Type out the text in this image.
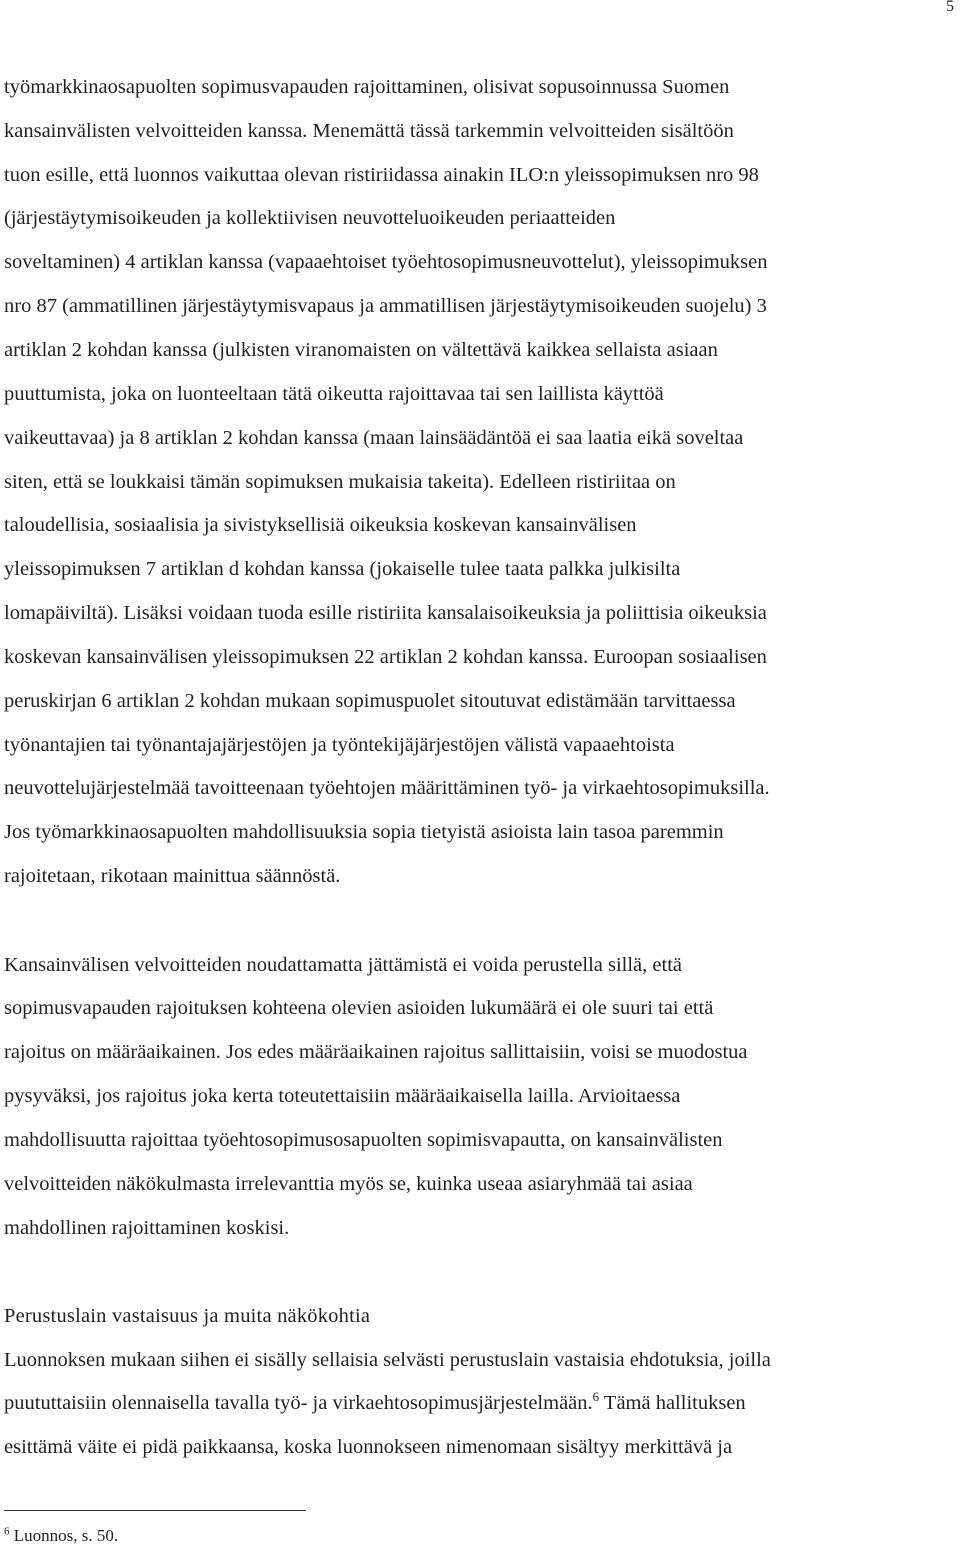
5
työmarkkinaosapuolten sopimusvapauden rajoittaminen, olisivat sopusoinnussa Suomen
kansainvälisten velvoitteiden kanssa. Menemättä tässä tarkemmin velvoitteiden sisältöön
tuon esille, että luonnos vaikuttaa olevan ristiriidassa ainakin ILO:n yleissopimuksen nro 98
(järjestäytymisoikeuden ja kollektiivisen neuvotteluoikeuden periaatteiden
soveltaminen) 4 artiklan kanssa (vapaaehtoiset työehtosopimusneuvottelut), yleissopimuksen
nro 87 (ammatillinen järjestäytymisvapaus ja ammatillisen järjestäytymisoikeuden suojelu) 3
artiklan 2 kohdan kanssa (julkisten viranomaisten on vältettävä kaikkea sellaista asiaan
puuttumista, joka on luonteeltaan tätä oikeutta rajoittavaa tai sen laillista käyttöä
vaikeuttavaa) ja 8 artiklan 2 kohdan kanssa (maan lainsäädäntöä ei saa laatia eikä soveltaa
siten, että se loukkaisi tämän sopimuksen mukaisia takeita). Edelleen ristiriitaa on
taloudellisia, sosiaalisia ja sivistyksellisiä oikeuksia koskevan kansainvälisen
yleissopimuksen 7 artiklan d kohdan kanssa (jokaiselle tulee taata palkka julkisilta
lomapäiviltä). Lisäksi voidaan tuoda esille ristiriita kansalaisoikeuksia ja poliittisia oikeuksia
koskevan kansainvälisen yleissopimuksen 22 artiklan 2 kohdan kanssa. Euroopan sosiaalisen
peruskirjan 6 artiklan 2 kohdan mukaan sopimuspuolet sitoutuvat edistämään tarvittaessa
työnantajien tai työnantajajärjestöjen ja työntekijäjärjestöjen välistä vapaaehtoista
neuvottelujärjestelmää tavoitteenaan työehtojen määrittäminen työ- ja virkaehtosopimuksilla.
Jos työmarkkinaosapuolten mahdollisuuksia sopia tietyistä asioista lain tasoa paremmin
rajoitetaan, rikotaan mainittua säännöstä.
Kansainvälisen velvoitteiden noudattamatta jättämistä ei voida perustella sillä, että
sopimusvapauden rajoituksen kohteena olevien asioiden lukumäärä ei ole suuri tai että
rajoitus on määräaikainen. Jos edes määräaikainen rajoitus sallittaisiin, voisi se muodostua
pysyväksi, jos rajoitus joka kerta toteutettaisiin määräaikaisella lailla. Arvioitaessa
mahdollisuutta rajoittaa työehtosopimusosapuolten sopimisvapautta, on kansainvälisten
velvoitteiden näkökulmasta irrelevanttia myös se, kuinka useaa asiaryhmää tai asiaa
mahdollinen rajoittaminen koskisi.
Perustuslain vastaisuus ja muita näkökohtia
Luonnoksen mukaan siihen ei sisälly sellaisia selvästi perustuslain vastaisia ehdotuksia, joilla
puututtaisiin olennaisella tavalla työ- ja virkaehtosopimusjärjestelmään.$^6$ Tämä hallituksen
esittämä väite ei pidä paikkaansa, koska luonnokseen nimenomaan sisältyy merkittävä ja
$^6$ Luonnos, s. 50.
